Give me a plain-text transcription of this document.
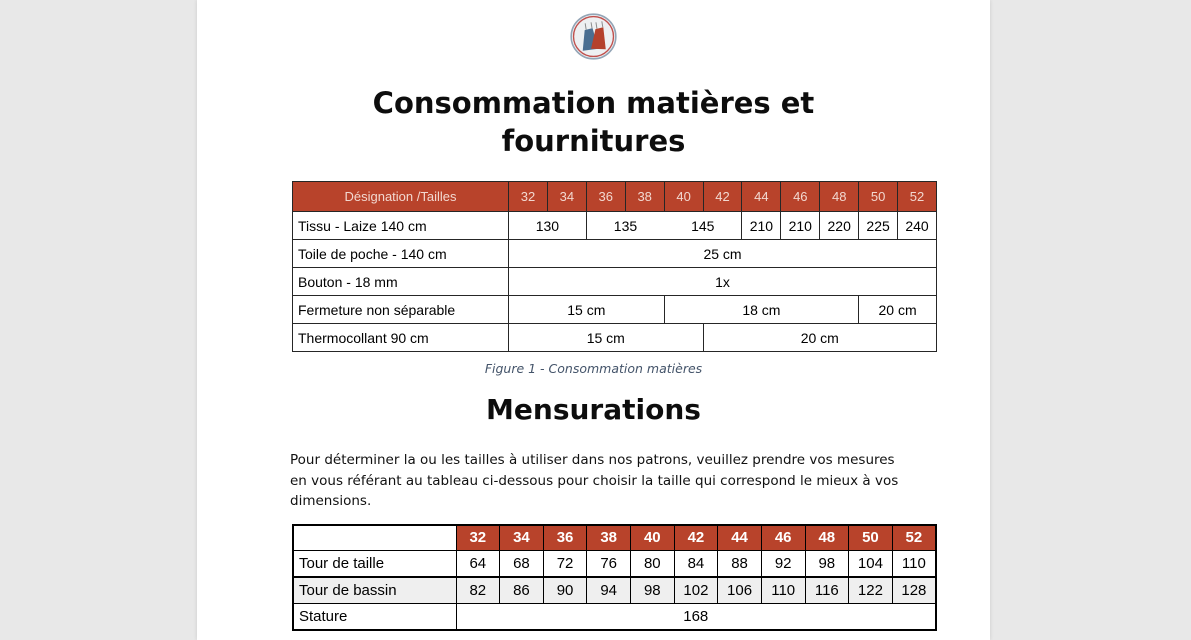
Consommation matières et fournitures
Désignation /Tailles	32	34	36	38	40	42	44	46	48	50	52
Tissu - Laize 140 cm	130		135		145		210	210	220	225	240
Toile de poche - 140 cm	25 cm										
Bouton - 18 mm	1x										
Fermeture non séparable	15 cm				18 cm					20 cm	
Thermocollant 90 cm	15 cm					20 cm					
Figure 1 - Consommation matières
Mensurations

Pour déterminer la ou les tailles à utiliser dans nos patrons, veuillez prendre vos mesures en vous référant au tableau ci-dessous pour choisir la taille qui correspond le mieux à vos dimensions.

Tailles	32	34	36	38	40	42	44	46	48	50	52
Tour de taille	64	68	72	76	80	84	88	92	98	104	110
Tour de bassin	82	86	90	94	98	102	106	110	116	122	128
Stature	168										
